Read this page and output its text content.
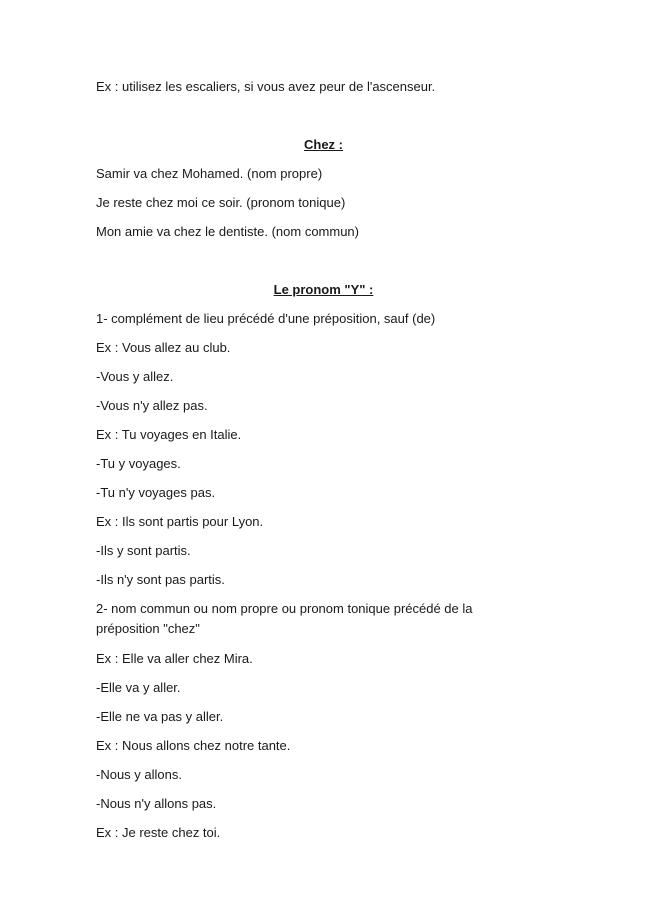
Ex : utilisez les escaliers, si vous avez peur de l'ascenseur.
Chez :
Samir va chez Mohamed. (nom propre)
Je reste chez moi ce soir. (pronom tonique)
Mon amie va chez le dentiste. (nom commun)
Le pronom "Y" :
1- complément de lieu précédé d'une préposition, sauf (de)
Ex : Vous allez au club.
-Vous y allez.
-Vous n'y allez pas.
Ex : Tu voyages en Italie.
-Tu y voyages.
-Tu n'y voyages pas.
Ex : Ils sont partis pour Lyon.
-Ils y sont partis.
-Ils n'y sont pas partis.
2- nom commun ou nom propre ou pronom tonique précédé de la préposition "chez"
Ex : Elle va aller chez Mira.
-Elle va y aller.
-Elle ne va pas y aller.
Ex : Nous allons chez notre tante.
-Nous y allons.
-Nous n'y allons pas.
Ex : Je reste chez toi.
